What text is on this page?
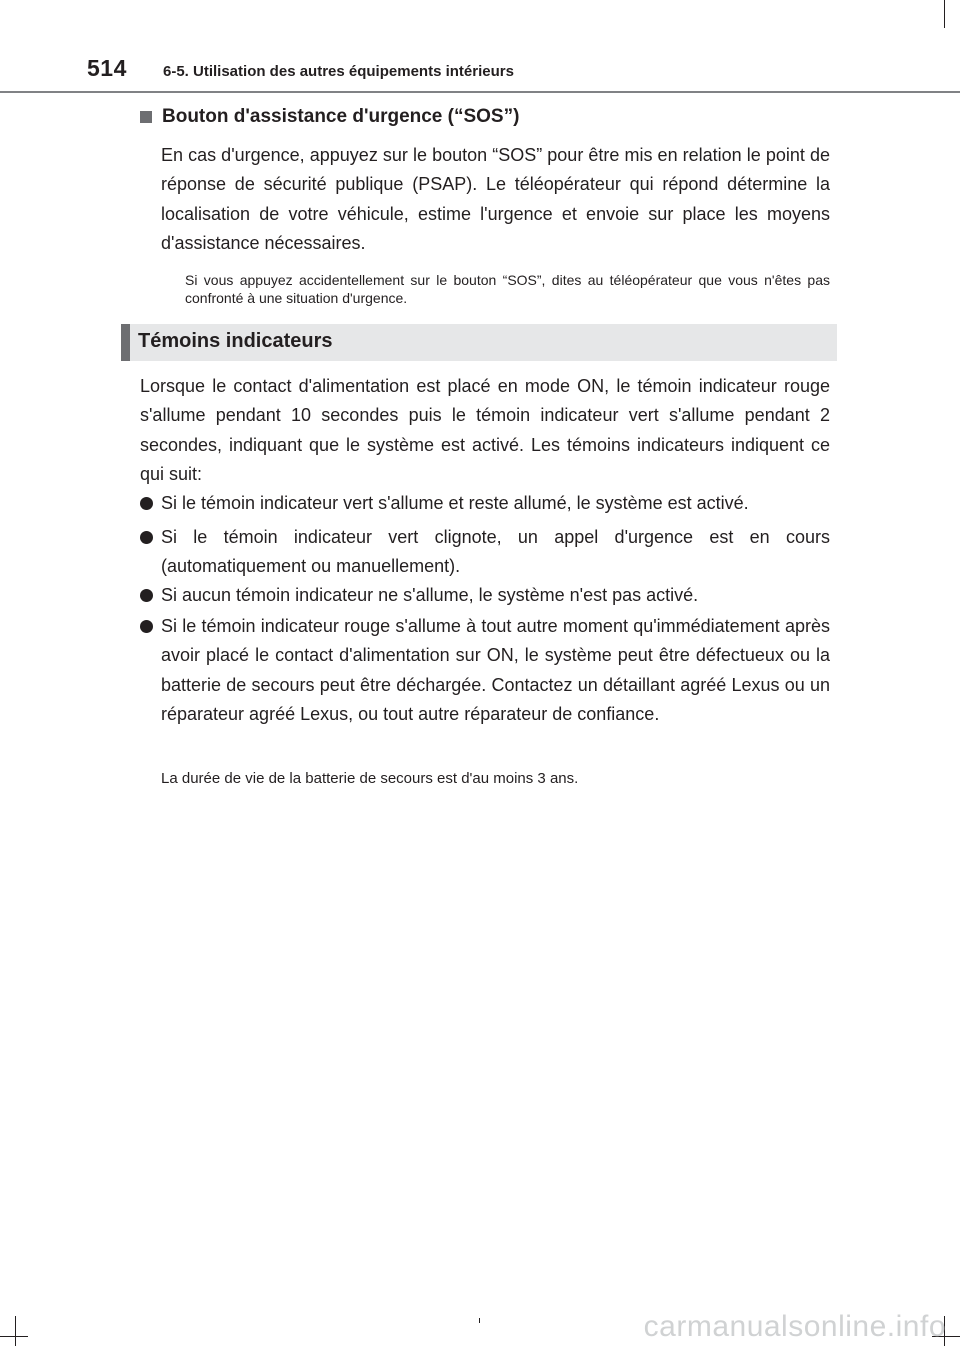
514 6-5. Utilisation des autres équipements intérieurs
Bouton d'assistance d'urgence (“SOS”)
En cas d'urgence, appuyez sur le bouton “SOS” pour être mis en relation le point de réponse de sécurité publique (PSAP). Le téléopérateur qui répond détermine la localisation de votre véhicule, estime l'urgence et envoie sur place les moyens d'assistance nécessaires.
Si vous appuyez accidentellement sur le bouton “SOS”, dites au téléopérateur que vous n'êtes pas confronté à une situation d'urgence.
Témoins indicateurs
Lorsque le contact d'alimentation est placé en mode ON, le témoin indicateur rouge s'allume pendant 10 secondes puis le témoin indicateur vert s'allume pendant 2 secondes, indiquant que le système est activé. Les témoins indicateurs indiquent ce qui suit:
Si le témoin indicateur vert s'allume et reste allumé, le système est activé.
Si le témoin indicateur vert clignote, un appel d'urgence est en cours (automatiquement ou manuellement).
Si aucun témoin indicateur ne s'allume, le système n'est pas activé.
Si le témoin indicateur rouge s'allume à tout autre moment qu'immédiatement après avoir placé le contact d'alimentation sur ON, le système peut être défectueux ou la batterie de secours peut être déchargée. Contactez un détaillant agréé Lexus ou un réparateur agréé Lexus, ou tout autre réparateur de confiance.
La durée de vie de la batterie de secours est d'au moins 3 ans.
carmanualsonline.info
